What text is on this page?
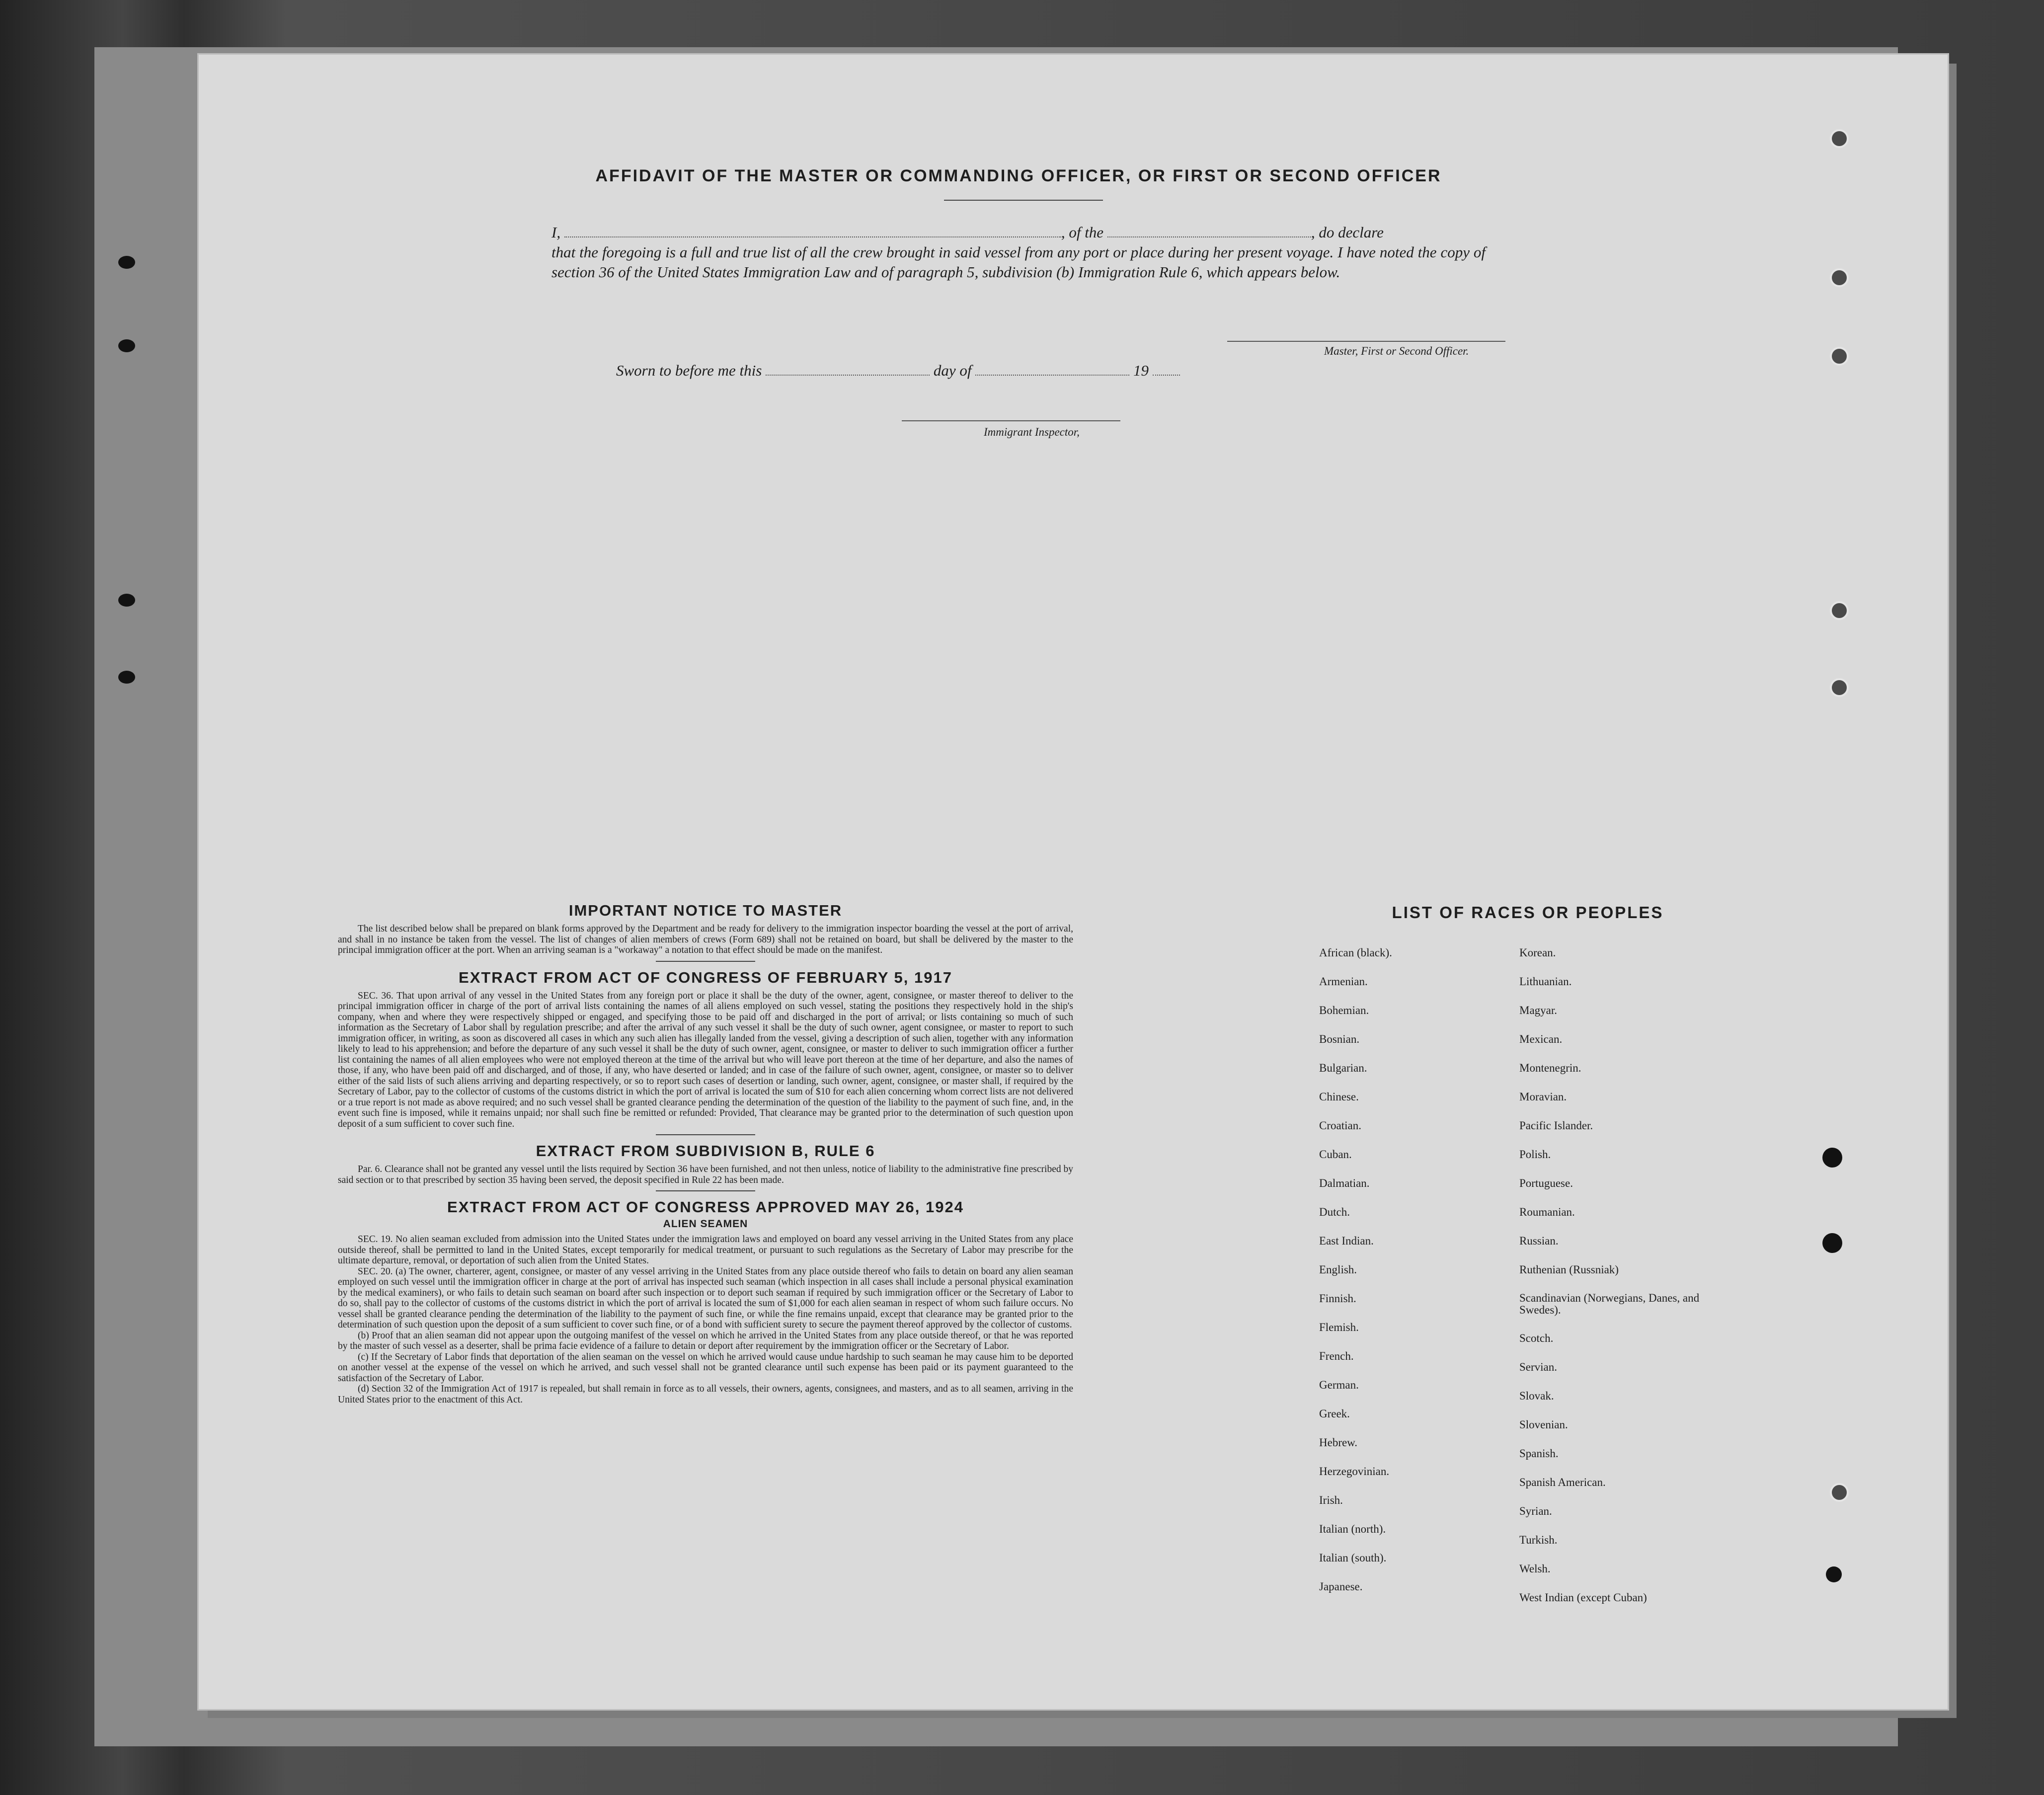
AFFIDAVIT OF THE MASTER OR COMMANDING OFFICER, OR FIRST OR SECOND OFFICER
I,	, of the	, do declare
that the foregoing is a full and true list of all the crew brought in said vessel from any port or place during her present voyage. I have noted the copy of section 36 of the United States Immigration Law and of paragraph 5, subdivision (b) Immigration Rule 6, which appears below.
Master, First or Second Officer.
Sworn to before me this	day of	19
Immigrant Inspector,
IMPORTANT NOTICE TO MASTER

The list described below shall be prepared on blank forms approved by the Department and be ready for delivery to the immigration inspector boarding the vessel at the port of arrival, and shall in no instance be taken from the vessel. The list of changes of alien members of crews (Form 689) shall not be retained on board, but shall be delivered by the master to the principal immigration officer at the port. When an arriving seaman is a "workaway" a notation to that effect should be made on the manifest.

EXTRACT FROM ACT OF CONGRESS OF FEBRUARY 5, 1917

SEC. 36. That upon arrival of any vessel in the United States from any foreign port or place it shall be the duty of the owner, agent, consignee, or master thereof to deliver to the principal immigration officer in charge of the port of arrival lists containing the names of all aliens employed on such vessel, stating the positions they respectively hold in the ship's company, when and where they were respectively shipped or engaged, and specifying those to be paid off and discharged in the port of arrival; or lists containing so much of such information as the Secretary of Labor shall by regulation prescribe; and after the arrival of any such vessel it shall be the duty of such owner, agent consignee, or master to report to such immigration officer, in writing, as soon as discovered all cases in which any such alien has illegally landed from the vessel, giving a description of such alien, together with any information likely to lead to his apprehension; and before the departure of any such vessel it shall be the duty of such owner, agent, consignee, or master to deliver to such immigration officer a further list containing the names of all alien employees who were not employed thereon at the time of the arrival but who will leave port thereon at the time of her departure, and also the names of those, if any, who have been paid off and discharged, and of those, if any, who have deserted or landed; and in case of the failure of such owner, agent, consignee, or master so to deliver either of the said lists of such aliens arriving and departing respectively, or so to report such cases of desertion or landing, such owner, agent, consignee, or master shall, if required by the Secretary of Labor, pay to the collector of customs of the customs district in which the port of arrival is located the sum of $10 for each alien concerning whom correct lists are not delivered or a true report is not made as above required; and no such vessel shall be granted clearance pending the determination of the question of the liability to the payment of such fine, and, in the event such fine is imposed, while it remains unpaid; nor shall such fine be remitted or refunded: Provided, That clearance may be granted prior to the determination of such question upon deposit of a sum sufficient to cover such fine.

EXTRACT FROM SUBDIVISION B, RULE 6

Par. 6. Clearance shall not be granted any vessel until the lists required by Section 36 have been furnished, and not then unless, notice of liability to the administrative fine prescribed by said section or to that prescribed by section 35 having been served, the deposit specified in Rule 22 has been made.

EXTRACT FROM ACT OF CONGRESS APPROVED MAY 26, 1924
ALIEN SEAMEN

SEC. 19. No alien seaman excluded from admission into the United States under the immigration laws and employed on board any vessel arriving in the United States from any place outside thereof, shall be permitted to land in the United States, except temporarily for medical treatment, or pursuant to such regulations as the Secretary of Labor may prescribe for the ultimate departure, removal, or deportation of such alien from the United States.

SEC. 20. (a) The owner, charterer, agent, consignee, or master of any vessel arriving in the United States from any place outside thereof who fails to detain on board any alien seaman employed on such vessel until the immigration officer in charge at the port of arrival has inspected such seaman (which inspection in all cases shall include a personal physical examination by the medical examiners), or who fails to detain such seaman on board after such inspection or to deport such seaman if required by such immigration officer or the Secretary of Labor to do so, shall pay to the collector of customs of the customs district in which the port of arrival is located the sum of $1,000 for each alien seaman in respect of whom such failure occurs. No vessel shall be granted clearance pending the determination of the liability to the payment of such fine, or while the fine remains unpaid, except that clearance may be granted prior to the determination of such question upon the deposit of a sum sufficient to cover such fine, or of a bond with sufficient surety to secure the payment thereof approved by the collector of customs.

(b) Proof that an alien seaman did not appear upon the outgoing manifest of the vessel on which he arrived in the United States from any place outside thereof, or that he was reported by the master of such vessel as a deserter, shall be prima facie evidence of a failure to detain or deport after requirement by the immigration officer or the Secretary of Labor.

(c) If the Secretary of Labor finds that deportation of the alien seaman on the vessel on which he arrived would cause undue hardship to such seaman he may cause him to be deported on another vessel at the expense of the vessel on which he arrived, and such vessel shall not be granted clearance until such expense has been paid or its payment guaranteed to the satisfaction of the Secretary of Labor.

(d) Section 32 of the Immigration Act of 1917 is repealed, but shall remain in force as to all vessels, their owners, agents, consignees, and masters, and as to all seamen, arriving in the United States prior to the enactment of this Act.

LIST OF RACES OR PEOPLES
African (black).
Armenian.
Bohemian.
Bosnian.
Bulgarian.
Chinese.
Croatian.
Cuban.
Dalmatian.
Dutch.
East Indian.
English.
Finnish.
Flemish.
French.
German.
Greek.
Hebrew.
Herzegovinian.
Irish.
Italian (north).
Italian (south).
Japanese.
Korean.
Lithuanian.
Magyar.
Mexican.
Montenegrin.
Moravian.
Pacific Islander.
Polish.
Portuguese.
Roumanian.
Russian.
Ruthenian (Russniak)
Scandinavian (Norwegians, Danes, and Swedes).
Scotch.
Servian.
Slovak.
Slovenian.
Spanish.
Spanish American.
Syrian.
Turkish.
Welsh.
West Indian (except Cuban)
